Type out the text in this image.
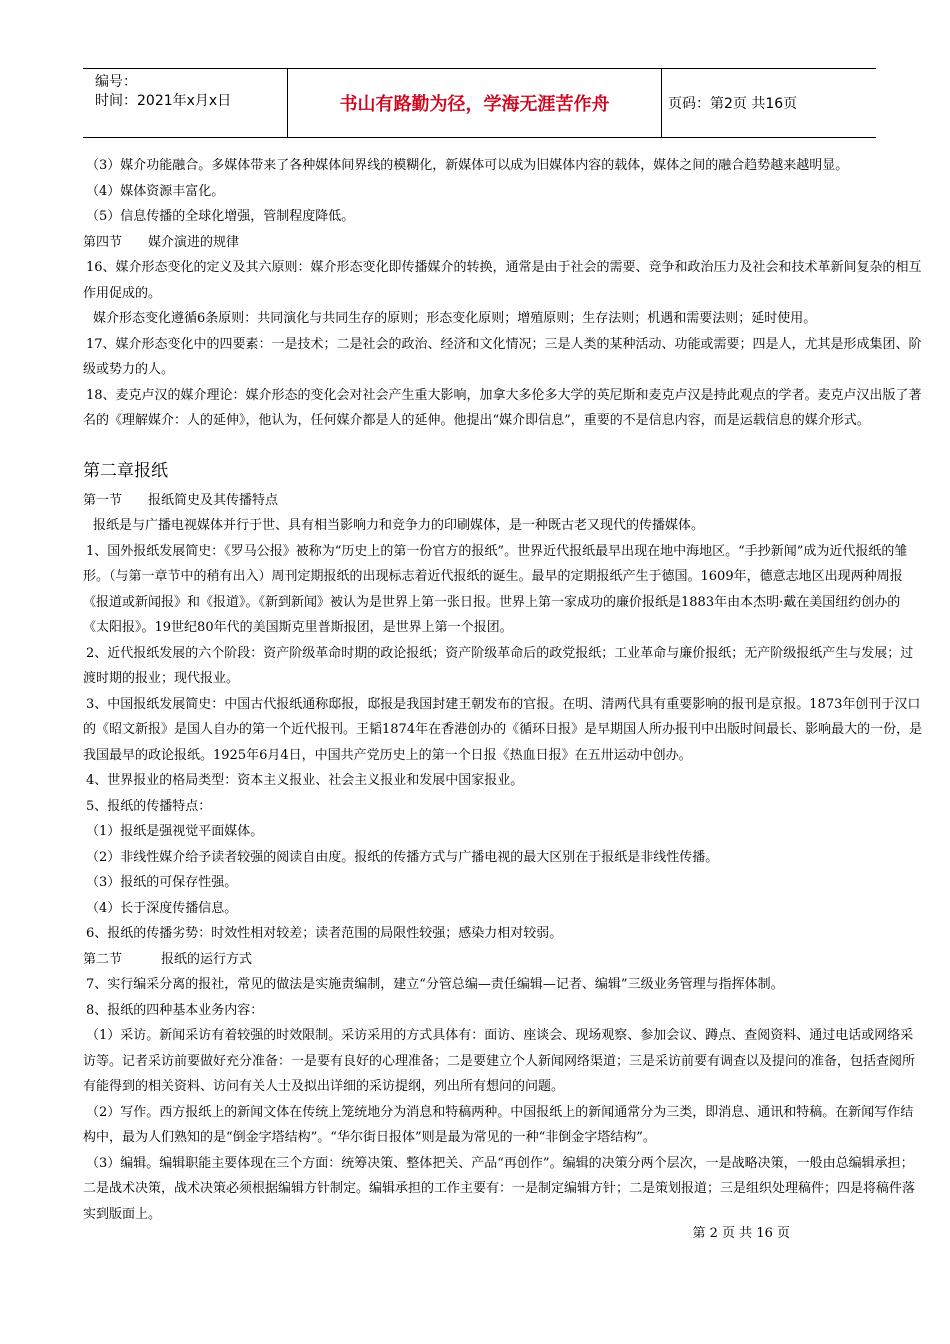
编号：
时间：2021年x月x日	书山有路勤为径，学海无涯苦作舟	页码：第2页 共16页

（3）媒介功能融合。多媒体带来了各种媒体间界线的模糊化，新媒体可以成为旧媒体内容的载体，媒体之间的融合趋势越来越明显。

（4）媒体资源丰富化。

（5）信息传播的全球化增强，管制程度降低。

第四节　　媒介演进的规律

16、媒介形态变化的定义及其六原则：媒介形态变化即传播媒介的转换，通常是由于社会的需要、竞争和政治压力及社会和技术革新间复杂的相互作用促成的。

媒介形态变化遵循6条原则：共同演化与共同生存的原则；形态变化原则；增殖原则；生存法则；机遇和需要法则；延时使用。

17、媒介形态变化中的四要素：一是技术；二是社会的政治、经济和文化情况；三是人类的某种活动、功能或需要；四是人，尤其是形成集团、阶级或势力的人。

18、麦克卢汉的媒介理论：媒介形态的变化会对社会产生重大影响，加拿大多伦多大学的英尼斯和麦克卢汉是持此观点的学者。麦克卢汉出版了著名的《理解媒介：人的延伸》，他认为，任何媒介都是人的延伸。他提出“媒介即信息”，重要的不是信息内容，而是运载信息的媒介形式。

第二章报纸

第一节　　报纸简史及其传播特点

报纸是与广播电视媒体并行于世、具有相当影响力和竞争力的印刷媒体，是一种既古老又现代的传播媒体。

1、国外报纸发展简史：《罗马公报》被称为“历史上的第一份官方的报纸”。世界近代报纸最早出现在地中海地区。“手抄新闻”成为近代报纸的雏形。（与第一章节中的稍有出入）周刊定期报纸的出现标志着近代报纸的诞生。最早的定期报纸产生于德国。1609年，德意志地区出现两种周报《报道或新闻报》和《报道》。《新到新闻》被认为是世界上第一张日报。世界上第一家成功的廉价报纸是1883年由本杰明·戴在美国纽约创办的《太阳报》。19世纪80年代的美国斯克里普斯报团，是世界上第一个报团。

2、近代报纸发展的六个阶段：资产阶级革命时期的政论报纸；资产阶级革命后的政党报纸；工业革命与廉价报纸；无产阶级报纸产生与发展；过渡时期的报业；现代报业。

3、中国报纸发展简史：中国古代报纸通称邸报，邸报是我国封建王朝发布的官报。在明、清两代具有重要影响的报刊是京报。1873年创刊于汉口的《昭文新报》是国人自办的第一个近代报刊。王韬1874年在香港创办的《循环日报》是早期国人所办报刊中出版时间最长、影响最大的一份，是我国最早的政论报纸。1925年6月4日，中国共产党历史上的第一个日报《热血日报》在五卅运动中创办。

4、世界报业的格局类型：资本主义报业、社会主义报业和发展中国家报业。

5、报纸的传播特点：

（1）报纸是强视觉平面媒体。

（2）非线性媒介给予读者较强的阅读自由度。报纸的传播方式与广播电视的最大区别在于报纸是非线性传播。

（3）报纸的可保存性强。

（4）长于深度传播信息。

6、报纸的传播劣势：时效性相对较差；读者范围的局限性较强；感染力相对较弱。

第二节　　　报纸的运行方式

7、实行编采分离的报社，常见的做法是实施责编制，建立“分管总编—责任编辑—记者、编辑”三级业务管理与指挥体制。

8、报纸的四种基本业务内容：

（1）采访。新闻采访有着较强的时效限制。采访采用的方式具体有：面访、座谈会、现场观察、参加会议、蹲点、查阅资料、通过电话或网络采访等。记者采访前要做好充分准备：一是要有良好的心理准备；二是要建立个人新闻网络渠道；三是采访前要有调查以及提问的准备，包括查阅所有能得到的相关资料、访问有关人士及拟出详细的采访提纲，列出所有想问的问题。

（2）写作。西方报纸上的新闻文体在传统上笼统地分为消息和特稿两种。中国报纸上的新闻通常分为三类，即消息、通讯和特稿。在新闻写作结构中，最为人们熟知的是“倒金字塔结构”。“华尔街日报体”则是最为常见的一种“非倒金字塔结构”。

（3）编辑。编辑职能主要体现在三个方面：统筹决策、整体把关、产品“再创作”。编辑的决策分两个层次，一是战略决策，一般由总编辑承担；二是战术决策，战术决策必须根据编辑方针制定。编辑承担的工作主要有：一是制定编辑方针；二是策划报道；三是组织处理稿件；四是将稿件落实到版面上。

第 2 页 共 16 页
